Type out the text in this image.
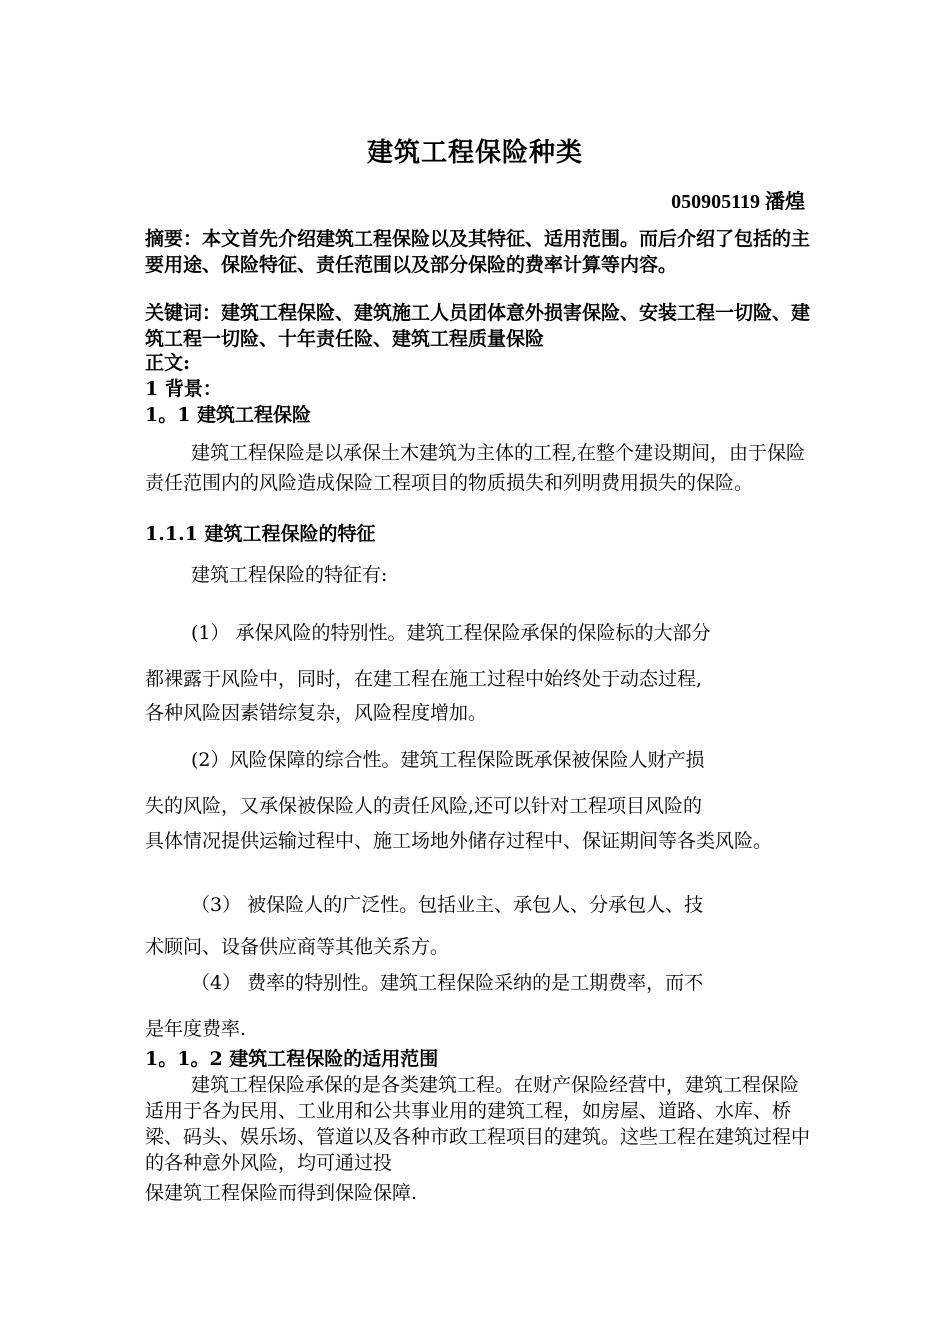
建筑工程保险种类
050905119 潘煌
摘要：本文首先介绍建筑工程保险以及其特征、适用范围。而后介绍了包括的主要用途、保险特征、责任范围以及部分保险的费率计算等内容。
关键词：建筑工程保险、建筑施工人员团体意外损害保险、安装工程一切险、建筑工程一切险、十年责任险、建筑工程质量保险
正文:
1 背景：
1。1 建筑工程保险
建筑工程保险是以承保土木建筑为主体的工程,在整个建设期间，由于保险责任范围内的风险造成保险工程项目的物质损失和列明费用损失的保险。
1.1.1 建筑工程保险的特征
建筑工程保险的特征有:
(1） 承保风险的特别性。建筑工程保险承保的保险标的大部分
都裸露于风险中，同时，在建工程在施工过程中始终处于动态过程,
各种风险因素错综复杂，风险程度增加。
(2）风险保障的综合性。建筑工程保险既承保被保险人财产损
失的风险，又承保被保险人的责任风险,还可以针对工程项目风险的
具体情况提供运输过程中、施工场地外储存过程中、保证期间等各类风险。
（3） 被保险人的广泛性。包括业主、承包人、分承包人、技
术顾问、设备供应商等其他关系方。
（4） 费率的特别性。建筑工程保险采纳的是工期费率，而不
是年度费率.
1。1。2 建筑工程保险的适用范围
建筑工程保险承保的是各类建筑工程。在财产保险经营中，建筑工程保险适用于各为民用、工业用和公共事业用的建筑工程，如房屋、道路、水库、桥梁、码头、娱乐场、管道以及各种市政工程项目的建筑。这些工程在建筑过程中的各种意外风险，均可通过投
保建筑工程保险而得到保险保障.
